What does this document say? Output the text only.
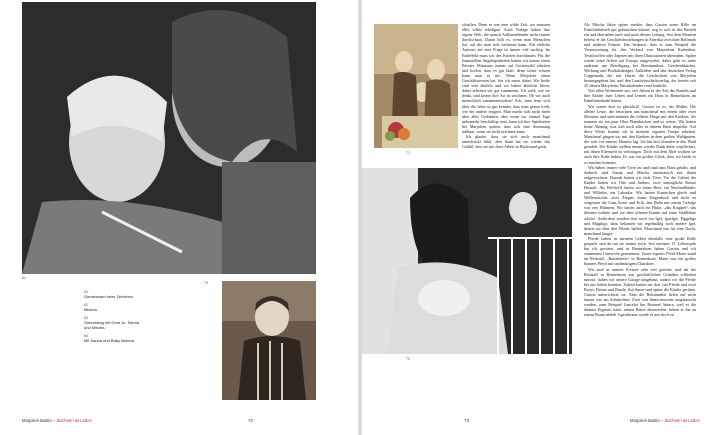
61
61
Gemeinsam beim Zeichnen
62
Mischa.
63
Geburtstag mit Oma Ju, Sanna
und Mischa.
64
Mit Sanna und Baby Mischa.
70
Marjolein Bastin – Zeichnen ist Leben	72
71
72

schaffen. Denn es war eine wilde Zeit, wir mussten alles selbst erledigen. Auch Verlage haben ihre eigene Welt, die manch Außenstehender nicht immer durchschaut. Damit hilft es, wenn man Menschen hat, auf die man sich verlassen kann. Ein ehrliche Antwort auf eine Frage ist immer viel wichtig. Im Endeffekt muss ich den Knoten durchhauen. Für die finanziellen Angelegenheiten hatten wir immer einen Berater. Manmuss immer auf Geratewohl arbeiten und hoffen, dass es gut läuft, denn sicher wissen kann man es nie. Wenn Marjolein einen Geschäftstermin hat, bin ich meist dabei. Wir beide sind sehr ähnlich und wir haben ähnliche Ideen, daher arbeiten wir gut zusammen. Ich weiß, wie sie denkt, und kenne ihre Art zu zeichnen. Ob wir auch menschlich zusammenstoßen? Ach, man lernt sich über die Jahre so gut kennen, dass man genau weiß, wie der andere reagiert. Man macht sich nicht mehr über alles Gedanken, aber wenn wir einmal Tage unbemerkt beschäftigt sind, kann ich hier Spielereien bei Marjolein spüren, dass sich eine Stimmung aufbaut, wenn sie nicht zeichnen kann.

Ich glaube, dass sie sich auch manchmal unterdrückt fühlt, aber dann hat sie wieder das Gefühl, dass sie mit ihrer Arbeit in Rückstand gerät.

Als Mischa Jahre später merkte, dass Gaston seine Hilfe im Familienbetrieb gut gebrauchen könnte, zog er sich in den Betrieb ein und übernahm nach und nach dessen Leitung. Seit dem Moment betreut er die Geschäftsbeziehungen in Amerika zwischen Hallmark und anderen Firmen. Das bedeutet, dass er zum Beispiel die Verantwortung für den Verkauf von Marjoleins Kalendern, Textilstoffen oder Tapeten mit ihren Illustrationen übernahm. Später wurde seine Arbeit auf Europa ausgeweitet, dabei geht es unter anderem um Beteiligung bei Bestimmtheit, Geschenkbücher, Werbung und Produktdesigns, Aufkleber und den deutschen Verlag Coppenrath, der seit Jahren die Geschichten von Marjolein herausgegeben hat, und den Landwirtschaftsverlag, der bereits seit 25 Jahren Marjoleins Naturkalender veröffentlicht.

Von allen Wohnorten aus, seit Jahren in der Zeit die Basteln und ihre Kinder zum Leben und Lernen ein Haus in Benneskom im Familienurlaubt hatten.

Wir waren dort so glücklich!, Gaston ist es, der Müller. Die alleine Leute, die besuchten uns manchmal mit einem oder zwei Monaten und unternahmen die tollsten Dinge mit den Kindern. Sie nannten sie ein paar Ohra Pfannkuchen und so weiter. Wir hatten keine Ahnung, was sich noch alles in diesem Haus abspielte. Auf diese Weise kommt ich in meinem eigenen Tempo arbeiten. Manchmal gingen wir mit den Kindern in dem großen Waldgarten, der weit vor unserer Haustür lag. Ich bin dort Stunden in den Wald geradelt. Die Kinder stellten immer wieder Dank dafür verpflichtet, mit ihnen Elternzeit zu verbringen. Doch mit dem Alter wollten sie auch ihre Ruhe haben. Es war ein großes Glück, dass wir beide es so machen konnten.

Wir haben immer viele Tiere im und rund ums Haus gehabt, und dadurch sind Sanna und Mischa automatisch mit ihnen aufgewachsen. Damals hatten wir viele Tiere. Vor der Geburt der Kinder hatten wir Otto und Ambeo, zwei unmögliche Basset Hounds. Als Wolfsfell hatten wir einen Beer, ein Neufundländer, und Wilhelm, ein Labrador. Wir hatten Kaninchen gleich und Wellensittiche, zwei Ziegen, einen Ziegenbock und nicht zu vergessen die Gans Konti und Erik, den Hahn mit einem Gefolge von vier Hühnern. Wir hatten auch ein Huhn, „das Krüppel“, das drinnen wohnte und vor dem offenen Kamin auf einer Stuhllehne schlief. Außerdem wurden dort noch ein Igel, Igaelgie, Piggelige und Mipplige, dazu bekamen wir regelmäßig noch andere Igel, denen wir über den Winter halfen. Manchmal nur für eine Nacht, manchmal länger.

Pferde haben in meinem Leben ebenfalls eine große Rolle gespielt, und da tun sie immer noch. Seit meinem 17. Lebensjahr bin ich geritten, und in Benneskom haben Gaston und ich zusammen Unterricht genommen. Unser eigenes Pferd Marie stand im Reitstall, „Rottenhorst“ in Benneskom. Marie war ein großes braunes Pferd mit sanftmütigem Charakter.

Wir sind in unserer Freizeit sehr viel geritten, und als der Reitstall in Benneskom aus geschäftlichen Gründen schließen musste, haben wir unsere Garage umgebaut, sodass wir die Pferde bei uns halten konnten. Zuletzt hatten wir dort vier Pferde und zwei Ponys, Benno und Beatle. Auf ihnen sind später die Kinder geritten. Gaston unterrichtete sie. Aber die Reitstunden fielen auf nicht immer wie am Schnürchen: Zwei von ihnen mussten ausgetauscht werden, zum Beispiel Lancelot bin Bestand Antara, weil er die dumme Eigenart hatte, seinen Reiter abzuwerfen, indem er ihn an einem Baum abrieb. Irgendwann wurde es uns doch zu

73	Marjolein Bastin – Zeichnen ist Leben
